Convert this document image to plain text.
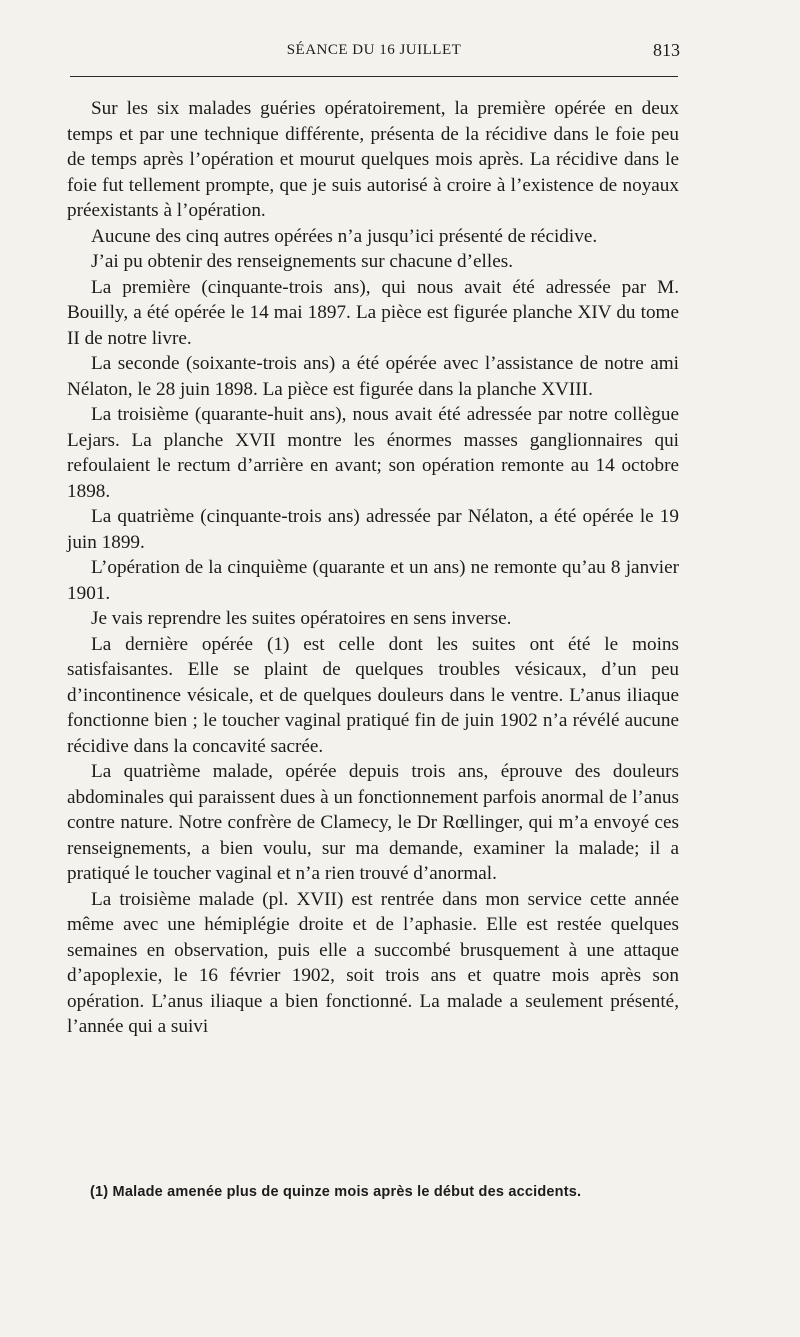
SÉANCE DU 16 JUILLET	813

Sur les six malades guéries opératoirement, la première opérée en deux temps et par une technique différente, présenta de la récidive dans le foie peu de temps après l’opération et mourut quelques mois après. La récidive dans le foie fut tellement prompte, que je suis autorisé à croire à l’existence de noyaux préexistants à l’opération.

Aucune des cinq autres opérées n’a jusqu’ici présenté de récidive.

J’ai pu obtenir des renseignements sur chacune d’elles.

La première (cinquante-trois ans), qui nous avait été adressée par M. Bouilly, a été opérée le 14 mai 1897. La pièce est figurée planche XIV du tome II de notre livre.

La seconde (soixante-trois ans) a été opérée avec l’assistance de notre ami Nélaton, le 28 juin 1898. La pièce est figurée dans la planche XVIII.

La troisième (quarante-huit ans), nous avait été adressée par notre collègue Lejars. La planche XVII montre les énormes masses ganglionnaires qui refoulaient le rectum d’arrière en avant; son opération remonte au 14 octobre 1898.

La quatrième (cinquante-trois ans) adressée par Nélaton, a été opérée le 19 juin 1899.

L’opération de la cinquième (quarante et un ans) ne remonte qu’au 8 janvier 1901.

Je vais reprendre les suites opératoires en sens inverse.

La dernière opérée (1) est celle dont les suites ont été le moins satisfaisantes. Elle se plaint de quelques troubles vésicaux, d’un peu d’incontinence vésicale, et de quelques douleurs dans le ventre. L’anus iliaque fonctionne bien ; le toucher vaginal pratiqué fin de juin 1902 n’a révélé aucune récidive dans la concavité sacrée.

La quatrième malade, opérée depuis trois ans, éprouve des douleurs abdominales qui paraissent dues à un fonctionnement parfois anormal de l’anus contre nature. Notre confrère de Clamecy, le Dr Rœllinger, qui m’a envoyé ces renseignements, a bien voulu, sur ma demande, examiner la malade; il a pratiqué le toucher vaginal et n’a rien trouvé d’anormal.

La troisième malade (pl. XVII) est rentrée dans mon service cette année même avec une hémiplégie droite et de l’aphasie. Elle est restée quelques semaines en observation, puis elle a succombé brusquement à une attaque d’apoplexie, le 16 février 1902, soit trois ans et quatre mois après son opération. L’anus iliaque a bien fonctionné. La malade a seulement présenté, l’année qui a suivi

(1) Malade amenée plus de quinze mois après le début des accidents.
